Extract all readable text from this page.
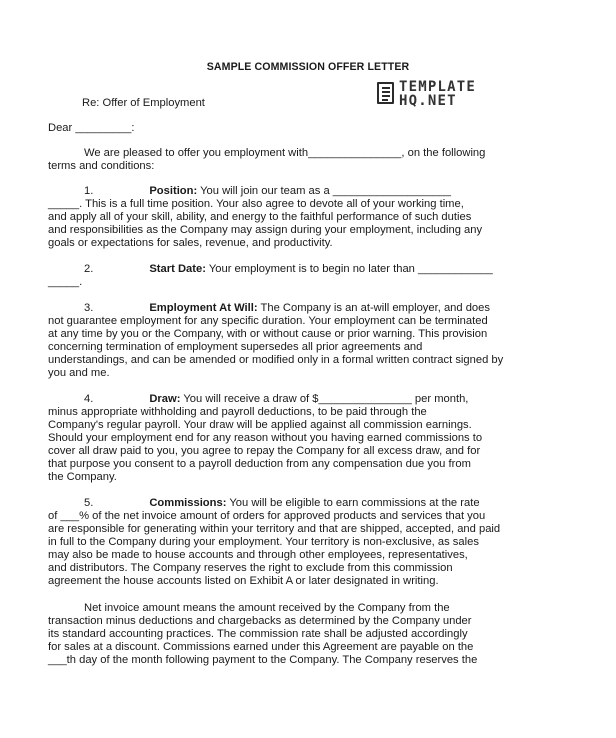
SAMPLE COMMISSION OFFER LETTER
TEMPLATE
HQ.NET
Re: Offer of Employment
Dear _________:
We are pleased to offer you employment with_______________, on the following
terms and conditions:
1.	Position: You will join our team as a ___________________
_____. This is a full time position. Your also agree to devote all of your working time,
and apply all of your skill, ability, and energy to the faithful performance of such duties
and responsibilities as the Company may assign during your employment, including any
goals or expectations for sales, revenue, and productivity.
2.	Start Date: Your employment is to begin no later than ____________
_____.
3.	Employment At Will: The Company is an at-will employer, and does
not guarantee employment for any specific duration. Your employment can be terminated
at any time by you or the Company, with or without cause or prior warning. This provision
concerning termination of employment supersedes all prior agreements and
understandings, and can be amended or modified only in a formal written contract signed by
you and me.
4.	Draw: You will receive a draw of $_______________ per month,
minus appropriate withholding and payroll deductions, to be paid through the
Company's regular payroll. Your draw will be applied against all commission earnings.
Should your employment end for any reason without you having earned commissions to
cover all draw paid to you, you agree to repay the Company for all excess draw, and for
that purpose you consent to a payroll deduction from any compensation due you from
the Company.
5.	Commissions: You will be eligible to earn commissions at the rate
of ___% of the net invoice amount of orders for approved products and services that you
are responsible for generating within your territory and that are shipped, accepted, and paid
in full to the Company during your employment. Your territory is non-exclusive, as sales
may also be made to house accounts and through other employees, representatives,
and distributors. The Company reserves the right to exclude from this commission
agreement the house accounts listed on Exhibit A or later designated in writing.
Net invoice amount means the amount received by the Company from the
transaction minus deductions and chargebacks as determined by the Company under
its standard accounting practices. The commission rate shall be adjusted accordingly
for sales at a discount. Commissions earned under this Agreement are payable on the
___th day of the month following payment to the Company. The Company reserves the
